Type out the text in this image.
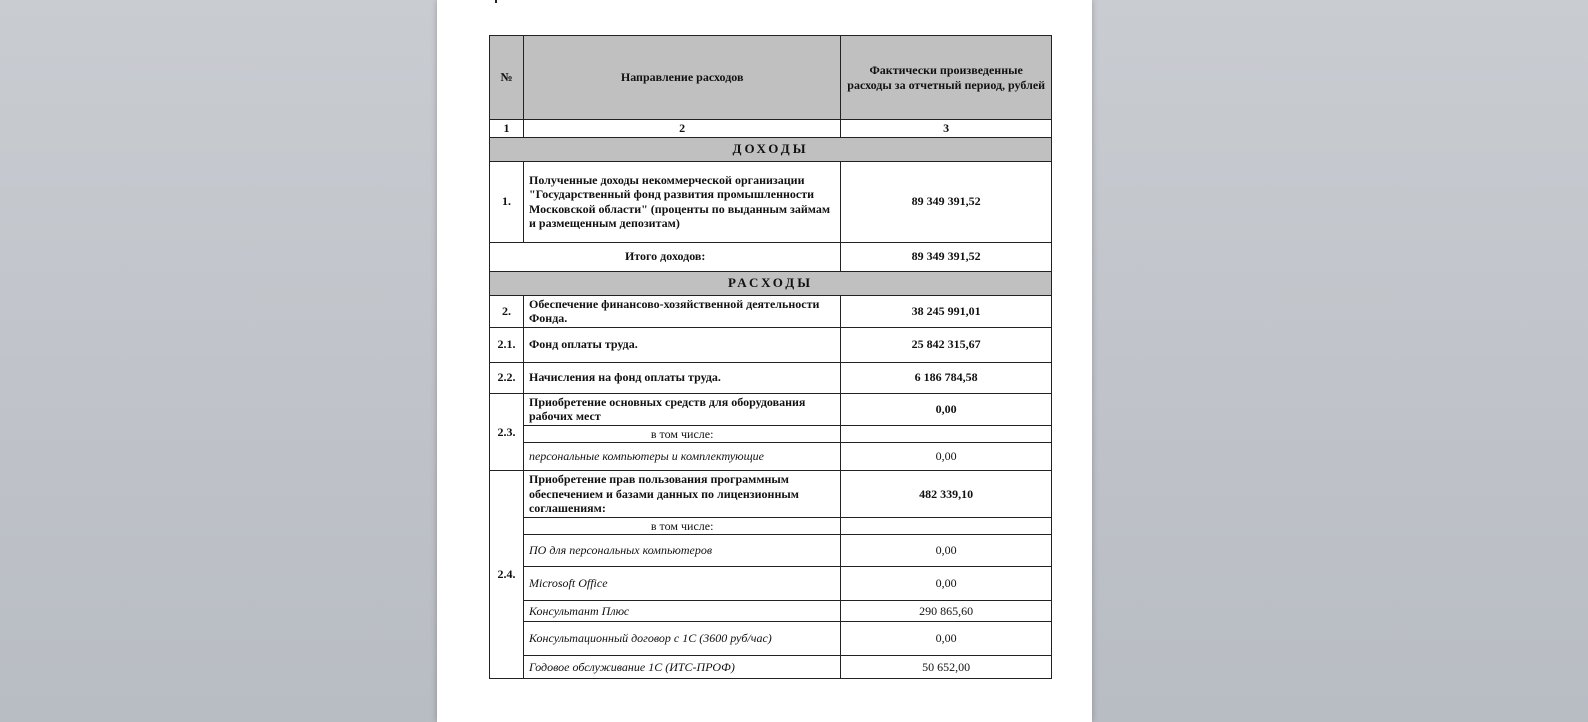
№	Направление расходов	Фактически произведенные расходы за отчетный период, рублей
1	2	3
ДОХОДЫ		
1.	Полученные доходы некоммерческой организации "Государственный фонд развития промышленности Московской области" (проценты по выданным займам и размещенным депозитам)	89 349 391,52
Итого доходов:		89 349 391,52
РАСХОДЫ		
2.	Обеспечение финансово-хозяйственной деятельности Фонда.	38 245 991,01
2.1.	Фонд оплаты труда.	25 842 315,67
2.2.	Начисления на фонд оплаты труда.	6 186 784,58
2.3.	Приобретение основных средств для оборудования рабочих мест	0,00
	в том числе:	
	персональные компьютеры и комплектующие	0,00
2.4.	Приобретение прав пользования программным обеспечением и базами данных по лицензионным соглашениям:	482 339,10
	в том числе:	
	ПО для персональных компьютеров	0,00
	Microsoft Office	0,00
	Консультант Плюс	290 865,60
	Консультационный договор с 1С (3600 руб/час)	0,00
	Годовое обслуживание 1С (ИТС-ПРОФ)	50 652,00
